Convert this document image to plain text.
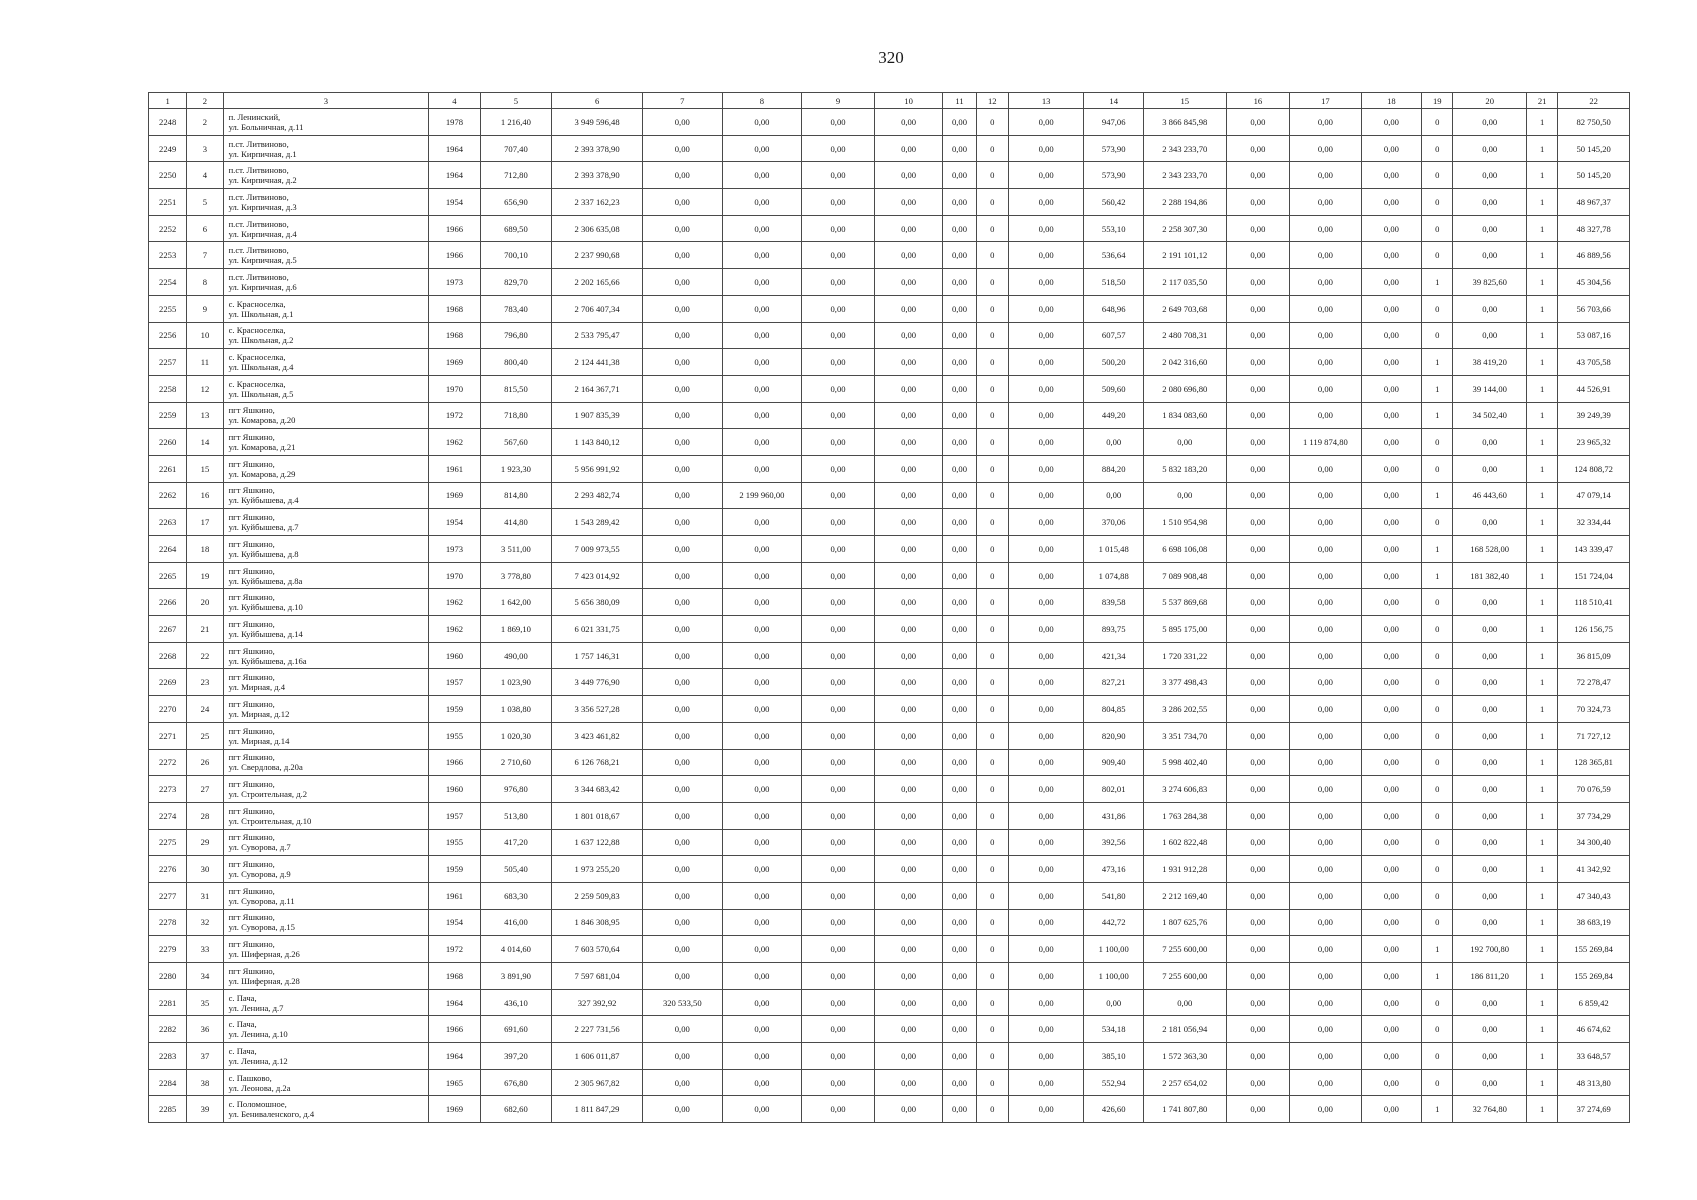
320
1	2	3	4	5	6	7	8	9	10	11	12	13	14	15	16	17	18	19	20	21	22
2248	2	п. Ленинский,
ул. Больничная, д.11	1978	1 216,40	3 949 596,48	0,00	0,00	0,00	0,00	0,00	0	0,00	947,06	3 866 845,98	0,00	0,00	0,00	0	0,00	1	82 750,50
2249	3	п.ст. Литвиново,
ул. Кирпичная, д.1	1964	707,40	2 393 378,90	0,00	0,00	0,00	0,00	0,00	0	0,00	573,90	2 343 233,70	0,00	0,00	0,00	0	0,00	1	50 145,20
2250	4	п.ст. Литвиново,
ул. Кирпичная, д.2	1964	712,80	2 393 378,90	0,00	0,00	0,00	0,00	0,00	0	0,00	573,90	2 343 233,70	0,00	0,00	0,00	0	0,00	1	50 145,20
2251	5	п.ст. Литвиново,
ул. Кирпичная, д.3	1954	656,90	2 337 162,23	0,00	0,00	0,00	0,00	0,00	0	0,00	560,42	2 288 194,86	0,00	0,00	0,00	0	0,00	1	48 967,37
2252	6	п.ст. Литвиново,
ул. Кирпичная, д.4	1966	689,50	2 306 635,08	0,00	0,00	0,00	0,00	0,00	0	0,00	553,10	2 258 307,30	0,00	0,00	0,00	0	0,00	1	48 327,78
2253	7	п.ст. Литвиново,
ул. Кирпичная, д.5	1966	700,10	2 237 990,68	0,00	0,00	0,00	0,00	0,00	0	0,00	536,64	2 191 101,12	0,00	0,00	0,00	0	0,00	1	46 889,56
2254	8	п.ст. Литвиново,
ул. Кирпичная, д.6	1973	829,70	2 202 165,66	0,00	0,00	0,00	0,00	0,00	0	0,00	518,50	2 117 035,50	0,00	0,00	0,00	1	39 825,60	1	45 304,56
2255	9	с. Красноселка,
ул. Школьная, д.1	1968	783,40	2 706 407,34	0,00	0,00	0,00	0,00	0,00	0	0,00	648,96	2 649 703,68	0,00	0,00	0,00	0	0,00	1	56 703,66
2256	10	с. Красноселка,
ул. Школьная, д.2	1968	796,80	2 533 795,47	0,00	0,00	0,00	0,00	0,00	0	0,00	607,57	2 480 708,31	0,00	0,00	0,00	0	0,00	1	53 087,16
2257	11	с. Красноселка,
ул. Школьная, д.4	1969	800,40	2 124 441,38	0,00	0,00	0,00	0,00	0,00	0	0,00	500,20	2 042 316,60	0,00	0,00	0,00	1	38 419,20	1	43 705,58
2258	12	с. Красноселка,
ул. Школьная, д.5	1970	815,50	2 164 367,71	0,00	0,00	0,00	0,00	0,00	0	0,00	509,60	2 080 696,80	0,00	0,00	0,00	1	39 144,00	1	44 526,91
2259	13	пгт Яшкино,
ул. Комарова, д.20	1972	718,80	1 907 835,39	0,00	0,00	0,00	0,00	0,00	0	0,00	449,20	1 834 083,60	0,00	0,00	0,00	1	34 502,40	1	39 249,39
2260	14	пгт Яшкино,
ул. Комарова, д.21	1962	567,60	1 143 840,12	0,00	0,00	0,00	0,00	0,00	0	0,00	0,00	0,00	0,00	1 119 874,80	0,00	0	0,00	1	23 965,32
2261	15	пгт Яшкино,
ул. Комарова, д.29	1961	1 923,30	5 956 991,92	0,00	0,00	0,00	0,00	0,00	0	0,00	884,20	5 832 183,20	0,00	0,00	0,00	0	0,00	1	124 808,72
2262	16	пгт Яшкино,
ул. Куйбышева, д.4	1969	814,80	2 293 482,74	0,00	2 199 960,00	0,00	0,00	0,00	0	0,00	0,00	0,00	0,00	0,00	0,00	1	46 443,60	1	47 079,14
2263	17	пгт Яшкино,
ул. Куйбышева, д.7	1954	414,80	1 543 289,42	0,00	0,00	0,00	0,00	0,00	0	0,00	370,06	1 510 954,98	0,00	0,00	0,00	0	0,00	1	32 334,44
2264	18	пгт Яшкино,
ул. Куйбышева, д.8	1973	3 511,00	7 009 973,55	0,00	0,00	0,00	0,00	0,00	0	0,00	1 015,48	6 698 106,08	0,00	0,00	0,00	1	168 528,00	1	143 339,47
2265	19	пгт Яшкино,
ул. Куйбышева, д.8а	1970	3 778,80	7 423 014,92	0,00	0,00	0,00	0,00	0,00	0	0,00	1 074,88	7 089 908,48	0,00	0,00	0,00	1	181 382,40	1	151 724,04
2266	20	пгт Яшкино,
ул. Куйбышева, д.10	1962	1 642,00	5 656 380,09	0,00	0,00	0,00	0,00	0,00	0	0,00	839,58	5 537 869,68	0,00	0,00	0,00	0	0,00	1	118 510,41
2267	21	пгт Яшкино,
ул. Куйбышева, д.14	1962	1 869,10	6 021 331,75	0,00	0,00	0,00	0,00	0,00	0	0,00	893,75	5 895 175,00	0,00	0,00	0,00	0	0,00	1	126 156,75
2268	22	пгт Яшкино,
ул. Куйбышева, д.16а	1960	490,00	1 757 146,31	0,00	0,00	0,00	0,00	0,00	0	0,00	421,34	1 720 331,22	0,00	0,00	0,00	0	0,00	1	36 815,09
2269	23	пгт Яшкино,
ул. Мирная, д.4	1957	1 023,90	3 449 776,90	0,00	0,00	0,00	0,00	0,00	0	0,00	827,21	3 377 498,43	0,00	0,00	0,00	0	0,00	1	72 278,47
2270	24	пгт Яшкино,
ул. Мирная, д.12	1959	1 038,80	3 356 527,28	0,00	0,00	0,00	0,00	0,00	0	0,00	804,85	3 286 202,55	0,00	0,00	0,00	0	0,00	1	70 324,73
2271	25	пгт Яшкино,
ул. Мирная, д.14	1955	1 020,30	3 423 461,82	0,00	0,00	0,00	0,00	0,00	0	0,00	820,90	3 351 734,70	0,00	0,00	0,00	0	0,00	1	71 727,12
2272	26	пгт Яшкино,
ул. Свердлова, д.20а	1966	2 710,60	6 126 768,21	0,00	0,00	0,00	0,00	0,00	0	0,00	909,40	5 998 402,40	0,00	0,00	0,00	0	0,00	1	128 365,81
2273	27	пгт Яшкино,
ул. Строительная, д.2	1960	976,80	3 344 683,42	0,00	0,00	0,00	0,00	0,00	0	0,00	802,01	3 274 606,83	0,00	0,00	0,00	0	0,00	1	70 076,59
2274	28	пгт Яшкино,
ул. Строительная, д.10	1957	513,80	1 801 018,67	0,00	0,00	0,00	0,00	0,00	0	0,00	431,86	1 763 284,38	0,00	0,00	0,00	0	0,00	1	37 734,29
2275	29	пгт Яшкино,
ул. Суворова, д.7	1955	417,20	1 637 122,88	0,00	0,00	0,00	0,00	0,00	0	0,00	392,56	1 602 822,48	0,00	0,00	0,00	0	0,00	1	34 300,40
2276	30	пгт Яшкино,
ул. Суворова, д.9	1959	505,40	1 973 255,20	0,00	0,00	0,00	0,00	0,00	0	0,00	473,16	1 931 912,28	0,00	0,00	0,00	0	0,00	1	41 342,92
2277	31	пгт Яшкино,
ул. Суворова, д.11	1961	683,30	2 259 509,83	0,00	0,00	0,00	0,00	0,00	0	0,00	541,80	2 212 169,40	0,00	0,00	0,00	0	0,00	1	47 340,43
2278	32	пгт Яшкино,
ул. Суворова, д.15	1954	416,00	1 846 308,95	0,00	0,00	0,00	0,00	0,00	0	0,00	442,72	1 807 625,76	0,00	0,00	0,00	0	0,00	1	38 683,19
2279	33	пгт Яшкино,
ул. Шиферная, д.26	1972	4 014,60	7 603 570,64	0,00	0,00	0,00	0,00	0,00	0	0,00	1 100,00	7 255 600,00	0,00	0,00	0,00	1	192 700,80	1	155 269,84
2280	34	пгт Яшкино,
ул. Шиферная, д.28	1968	3 891,90	7 597 681,04	0,00	0,00	0,00	0,00	0,00	0	0,00	1 100,00	7 255 600,00	0,00	0,00	0,00	1	186 811,20	1	155 269,84
2281	35	с. Пача,
ул. Ленина, д.7	1964	436,10	327 392,92	320 533,50	0,00	0,00	0,00	0,00	0	0,00	0,00	0,00	0,00	0,00	0,00	0	0,00	1	6 859,42
2282	36	с. Пача,
ул. Ленина, д.10	1966	691,60	2 227 731,56	0,00	0,00	0,00	0,00	0,00	0	0,00	534,18	2 181 056,94	0,00	0,00	0,00	0	0,00	1	46 674,62
2283	37	с. Пача,
ул. Ленина, д.12	1964	397,20	1 606 011,87	0,00	0,00	0,00	0,00	0,00	0	0,00	385,10	1 572 363,30	0,00	0,00	0,00	0	0,00	1	33 648,57
2284	38	с. Пашково,
ул. Леонова, д.2а	1965	676,80	2 305 967,82	0,00	0,00	0,00	0,00	0,00	0	0,00	552,94	2 257 654,02	0,00	0,00	0,00	0	0,00	1	48 313,80
2285	39	с. Поломошное,
ул. Бениваленского, д.4	1969	682,60	1 811 847,29	0,00	0,00	0,00	0,00	0,00	0	0,00	426,60	1 741 807,80	0,00	0,00	0,00	1	32 764,80	1	37 274,69
